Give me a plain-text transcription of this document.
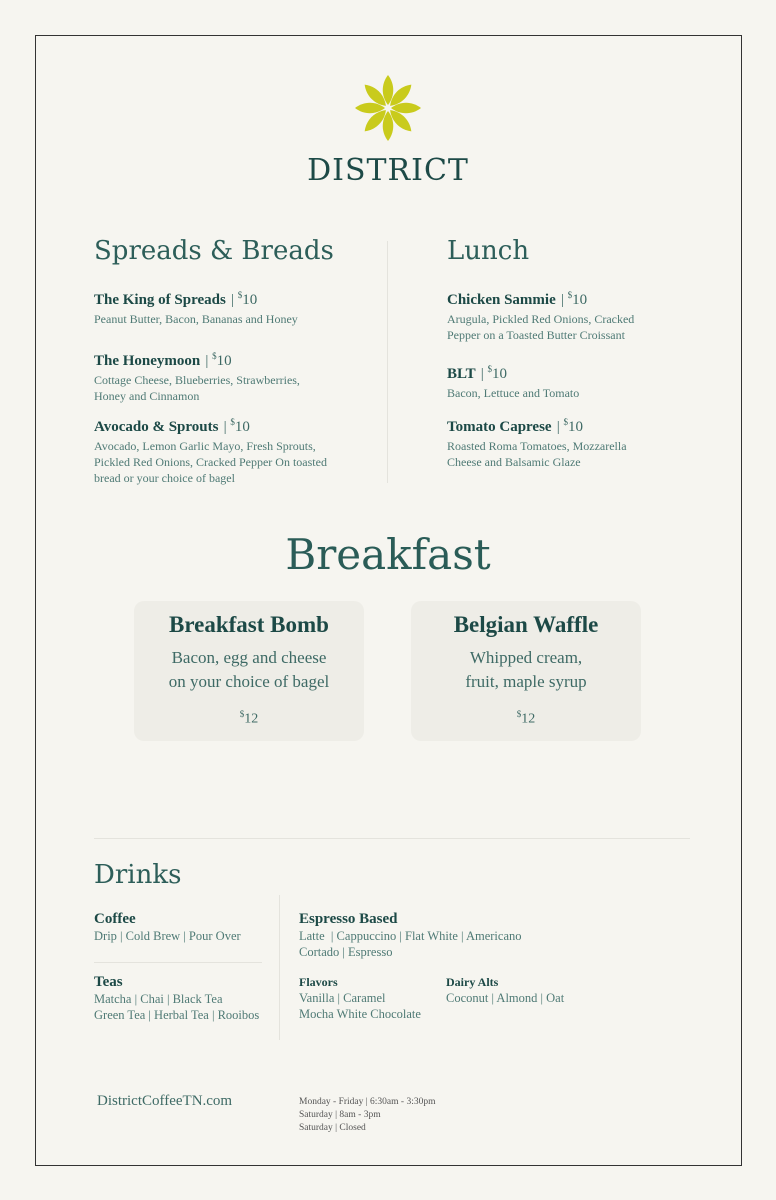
DISTRICT
Spreads & Breads
The King of Spreads | $10
Peanut Butter, Bacon, Bananas and Honey
The Honeymoon | $10
Cottage Cheese, Blueberries, Strawberries, Honey and Cinnamon
Avocado & Sprouts | $10
Avocado, Lemon Garlic Mayo, Fresh Sprouts, Pickled Red Onions, Cracked Pepper On toasted bread or your choice of bagel
Lunch
Chicken Sammie | $10
Arugula, Pickled Red Onions, Cracked Pepper on a Toasted Butter Croissant
BLT | $10
Bacon, Lettuce and Tomato
Tomato Caprese | $10
Roasted Roma Tomatoes, Mozzarella Cheese and Balsamic Glaze
Breakfast
Breakfast Bomb
Bacon, egg and cheese
on your choice of bagel
$12
Belgian Waffle
Whipped cream,
fruit, maple syrup
$12
Drinks
Coffee
Drip | Cold Brew | Pour Over
Teas
Matcha | Chai | Black Tea
Green Tea | Herbal Tea | Rooibos
Espresso Based
Latte  | Cappuccino | Flat White | Americano
Cortado | Espresso
Flavors
Vanilla | Caramel
Mocha White Chocolate
Dairy Alts
Coconut | Almond | Oat
DistrictCoffeeTN.com	Monday - Friday | 6:30am - 3:30pm
Saturday | 8am - 3pm
Saturday | Closed
